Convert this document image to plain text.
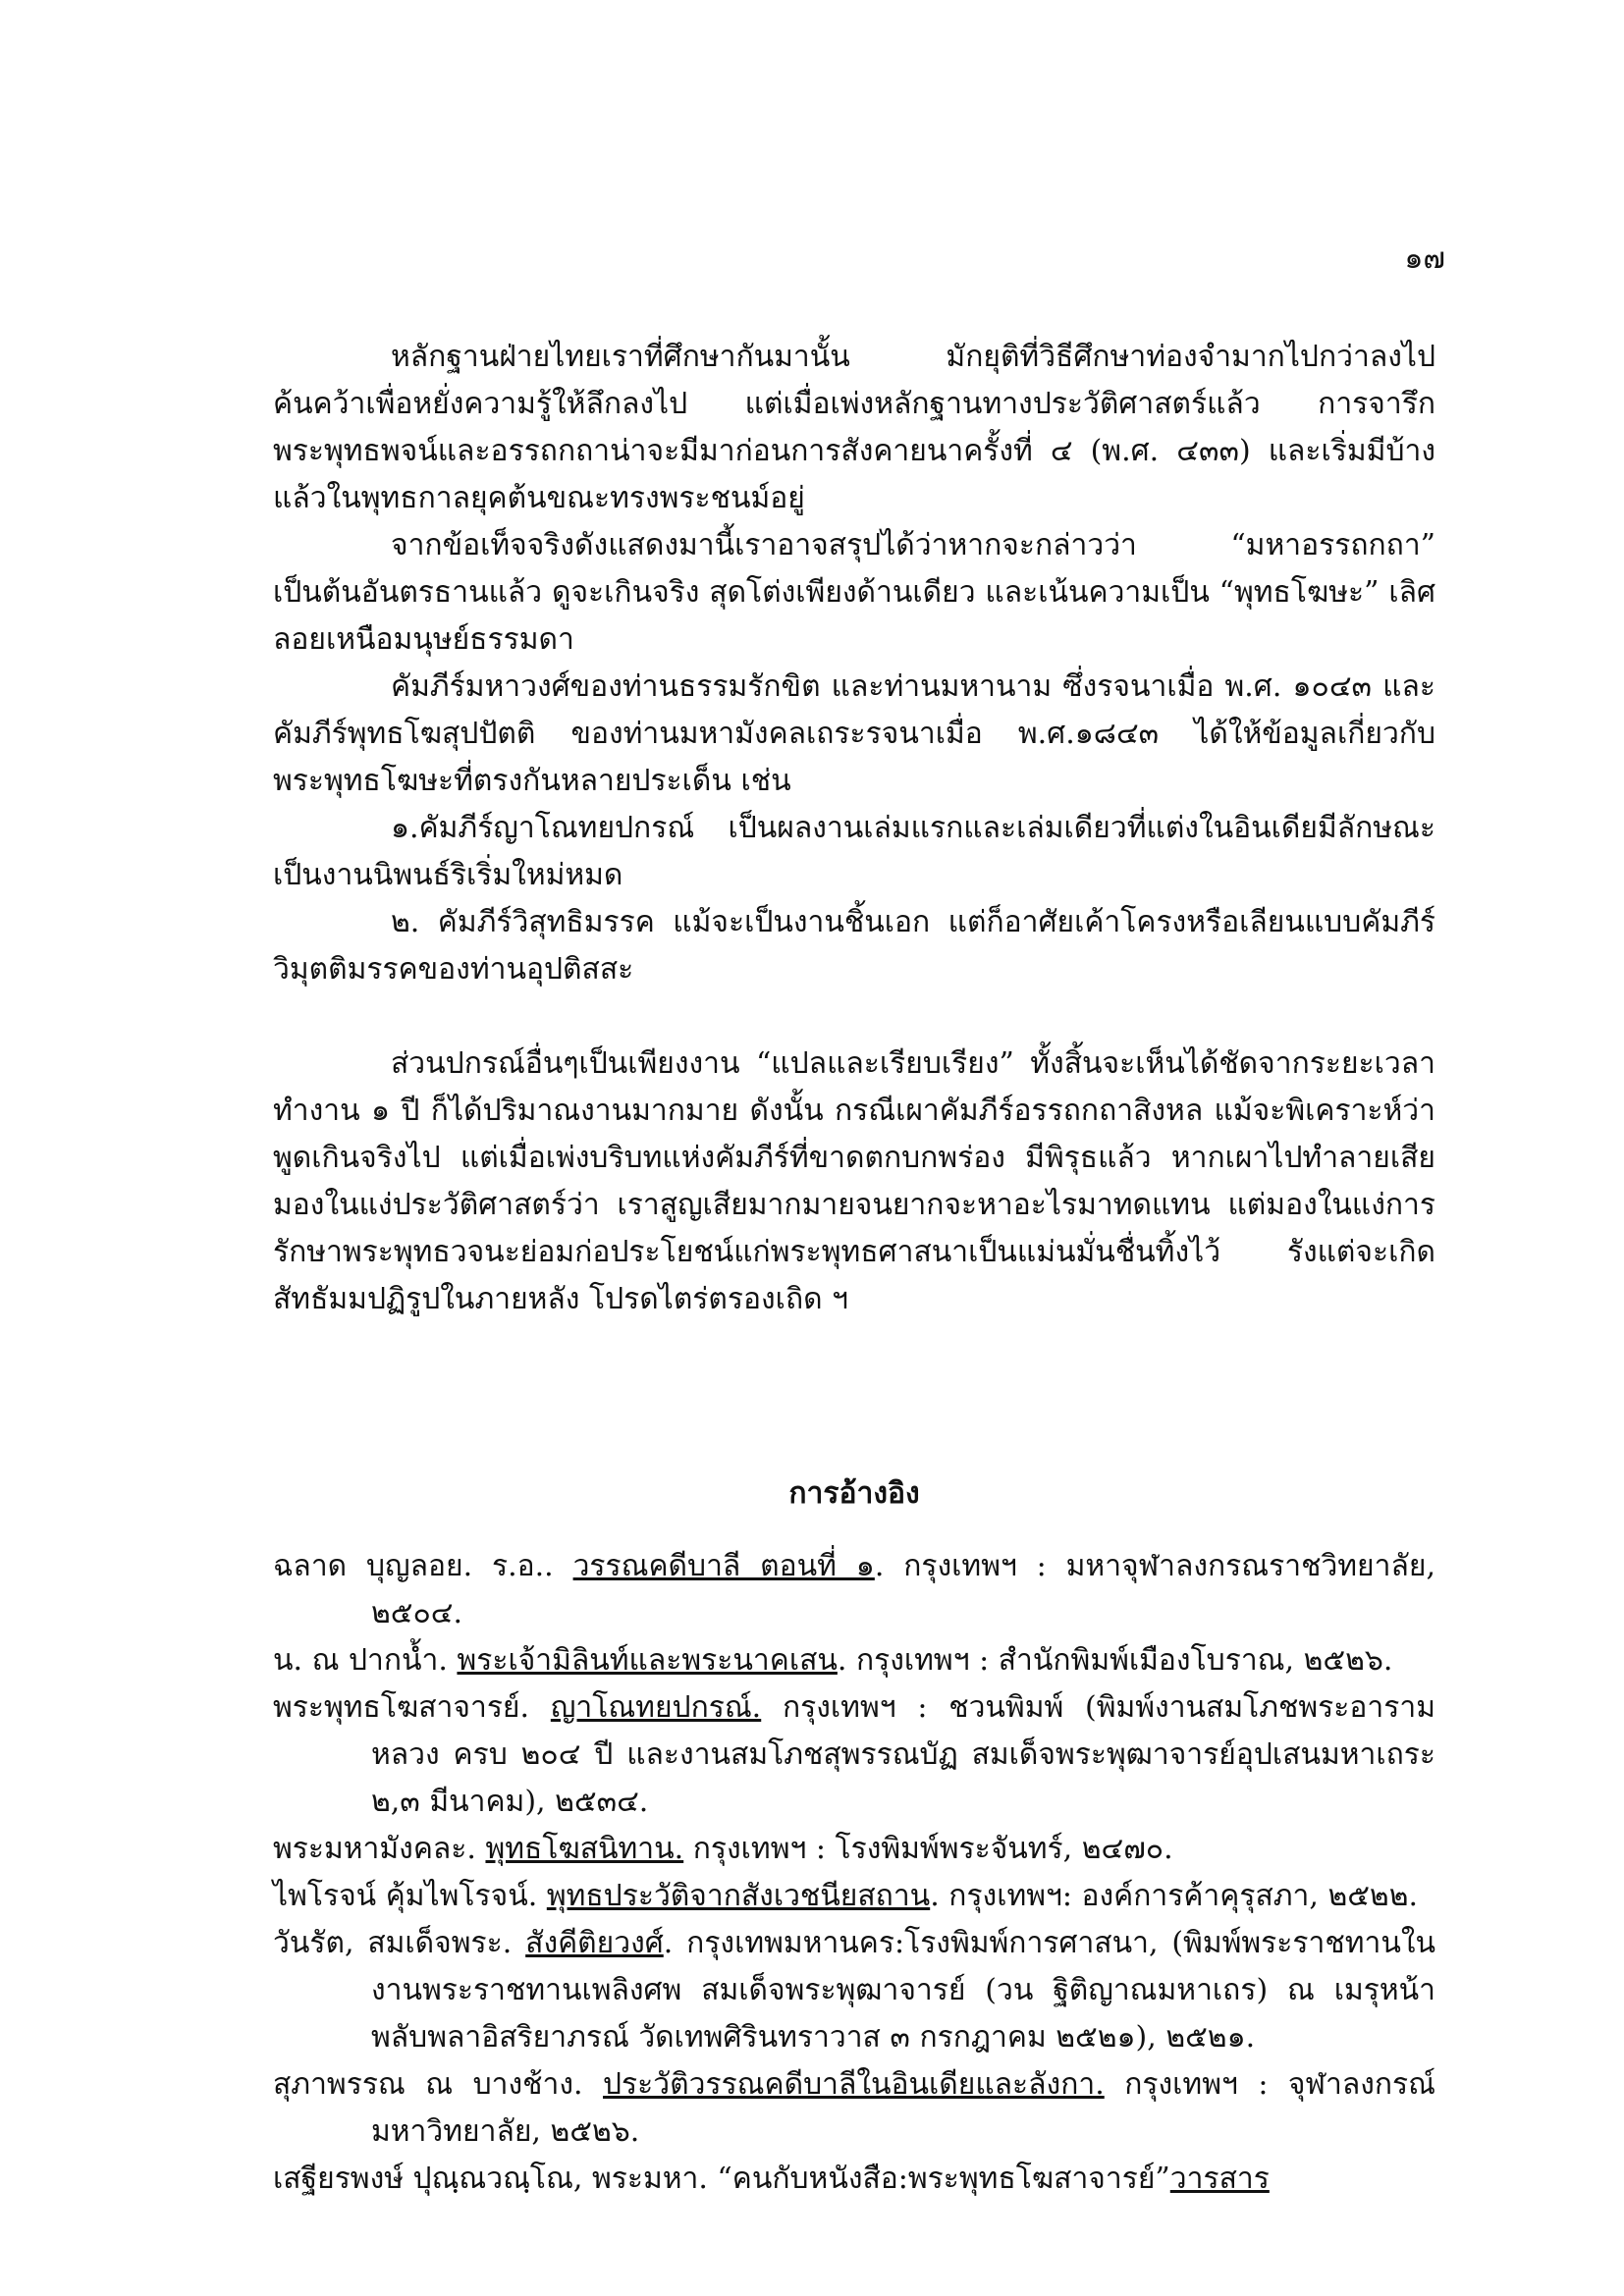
๑๗

หลักฐานฝ่ายไทยเราที่ศึกษากันมานั้น มักยุติที่วิธีศึกษาท่องจำมากไปกว่าลงไปค้นคว้าเพื่อหยั่งความรู้ให้ลึกลงไป แต่เมื่อเพ่งหลักฐานทางประวัติศาสตร์แล้ว การจารึกพระพุทธพจน์และอรรถกถาน่าจะมีมาก่อนการสังคายนาครั้งที่ ๔ (พ.ศ. ๔๓๓) และเริ่มมีบ้างแล้วในพุทธกาลยุคต้นขณะทรงพระชนม์อยู่

จากข้อเท็จจริงดังแสดงมานี้เราอาจสรุปได้ว่าหากจะกล่าวว่า “มหาอรรถกถา” เป็นต้นอันตรธานแล้ว ดูจะเกินจริง สุดโต่งเพียงด้านเดียว และเน้นความเป็น “พุทธโฆษะ” เลิศลอยเหนือมนุษย์ธรรมดา

คัมภีร์มหาวงศ์ของท่านธรรมรักขิต และท่านมหานาม ซึ่งรจนาเมื่อ พ.ศ. ๑๐๔๓ และคัมภีร์พุทธโฆสุปปัตติ ของท่านมหามังคลเถระรจนาเมื่อ พ.ศ.๑๘๔๓ ได้ให้ข้อมูลเกี่ยวกับพระพุทธโฆษะที่ตรงกันหลายประเด็น เช่น

๑.คัมภีร์ญาโณทยปกรณ์ เป็นผลงานเล่มแรกและเล่มเดียวที่แต่งในอินเดียมีลักษณะเป็นงานนิพนธ์ริเริ่มใหม่หมด

๒. คัมภีร์วิสุทธิมรรค แม้จะเป็นงานชิ้นเอก แต่ก็อาศัยเค้าโครงหรือเลียนแบบคัมภีร์วิมุตติมรรคของท่านอุปติสสะ

ส่วนปกรณ์อื่นๆเป็นเพียงงาน “แปลและเรียบเรียง” ทั้งสิ้นจะเห็นได้ชัดจากระยะเวลาทำงาน ๑ ปี ก็ได้ปริมาณงานมากมาย ดังนั้น กรณีเผาคัมภีร์อรรถกถาสิงหล แม้จะพิเคราะห์ว่า พูดเกินจริงไป แต่เมื่อเพ่งบริบทแห่งคัมภีร์ที่ขาดตกบกพร่อง มีพิรุธแล้ว หากเผาไปทำลายเสีย มองในแง่ประวัติศาสตร์ว่า เราสูญเสียมากมายจนยากจะหาอะไรมาทดแทน แต่มองในแง่การรักษาพระพุทธวจนะย่อมก่อประโยชน์แก่พระพุทธศาสนาเป็นแม่นมั่นชื่นทิ้งไว้ รังแต่จะเกิดสัทธัมมปฏิรูปในภายหลัง โปรดไตร่ตรองเถิด ฯ

การอ้างอิง

ฉลาด บุญลอย. ร.อ.. วรรณคดีบาลี ตอนที่ ๑. กรุงเทพฯ : มหาจุฬาลงกรณราชวิทยาลัย, ๒๕๐๔.

น. ณ ปากน้ำ. พระเจ้ามิลินท์และพระนาคเสน. กรุงเทพฯ : สำนักพิมพ์เมืองโบราณ, ๒๕๒๖.

พระพุทธโฆสาจารย์. ญาโณทยปกรณ์. กรุงเทพฯ : ชวนพิมพ์ (พิมพ์งานสมโภชพระอารามหลวง ครบ ๒๐๔ ปี และงานสมโภชสุพรรณบัฏ สมเด็จพระพุฒาจารย์อุปเสนมหาเถระ ๒,๓ มีนาคม), ๒๕๓๔.

พระมหามังคละ. พุทธโฆสนิทาน. กรุงเทพฯ : โรงพิมพ์พระจันทร์, ๒๔๗๐.

ไพโรจน์ คุ้มไพโรจน์. พุทธประวัติจากสังเวชนียสถาน. กรุงเทพฯ: องค์การค้าคุรุสภา, ๒๕๒๒.

วันรัต, สมเด็จพระ. สังคีติยวงศ์. กรุงเทพมหานคร:โรงพิมพ์การศาสนา, (พิมพ์พระราชทานในงานพระราชทานเพลิงศพ สมเด็จพระพุฒาจารย์ (วน ฐิติญาณมหาเถร) ณ เมรุหน้าพลับพลาอิสริยาภรณ์ วัดเทพศิรินทราวาส ๓ กรกฎาคม ๒๕๒๑), ๒๕๒๑.

สุภาพรรณ ณ บางช้าง. ประวัติวรรณคดีบาลีในอินเดียและลังกา. กรุงเทพฯ : จุฬาลงกรณ์มหาวิทยาลัย, ๒๕๒๖.

เสฐียรพงษ์ ปุณฺณวณฺโณ, พระมหา. “คนกับหนังสือ:พระพุทธโฆสาจารย์”วารสาร
